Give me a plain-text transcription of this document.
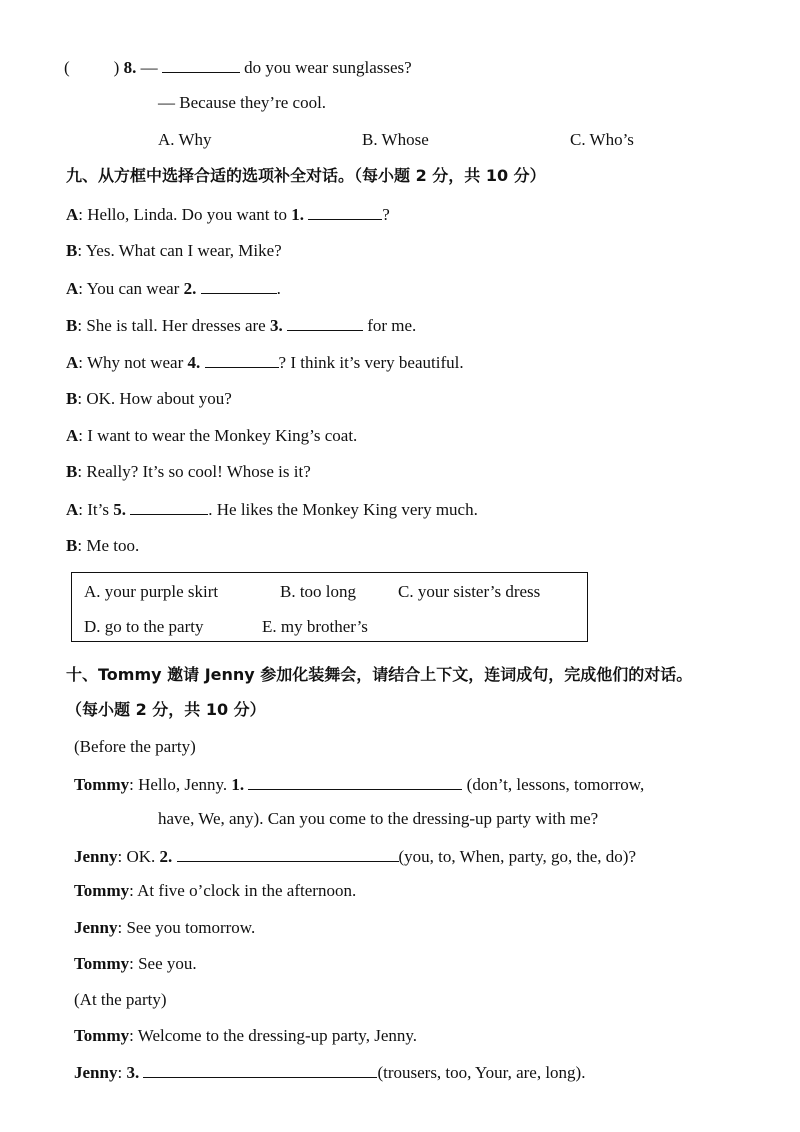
(	) 8. —	do you wear sunglasses?
— Because they’re cool.
A. Why	B. Whose	C. Who’s
九、从方框中选择合适的选项补全对话。（每小题 2 分，共 10 分）
A: Hello, Linda. Do you want to 1.	?
B: Yes. What can I wear, Mike?
A: You can wear 2.	.
B: She is tall. Her dresses are 3.	for me.
A: Why not wear 4.	? I think it’s very beautiful.
B: OK. How about you?
A: I want to wear the Monkey King’s coat.
B: Really? It’s so cool! Whose is it?
A: It’s 5.	. He likes the Monkey King very much.
B: Me too.
A. your purple skirt	B. too long C. your sister’s dress
D. go to the party	E. my brother’s
十、Tommy 邀请 Jenny 参加化装舞会，请结合上下文，连词成句，完成他们的对话。
（每小题 2 分，共 10 分）
(Before the party)
Tommy: Hello, Jenny. 1.	(don’t, lessons, tomorrow,
have, We, any). Can you come to the dressing-up party with me?
Jenny: OK. 2.	(you, to, When, party, go, the, do)?
Tommy: At five o’clock in the afternoon.
Jenny: See you tomorrow.
Tommy: See you.
(At the party)
Tommy: Welcome to the dressing-up party, Jenny.
Jenny: 3.	(trousers, too, Your, are, long).
